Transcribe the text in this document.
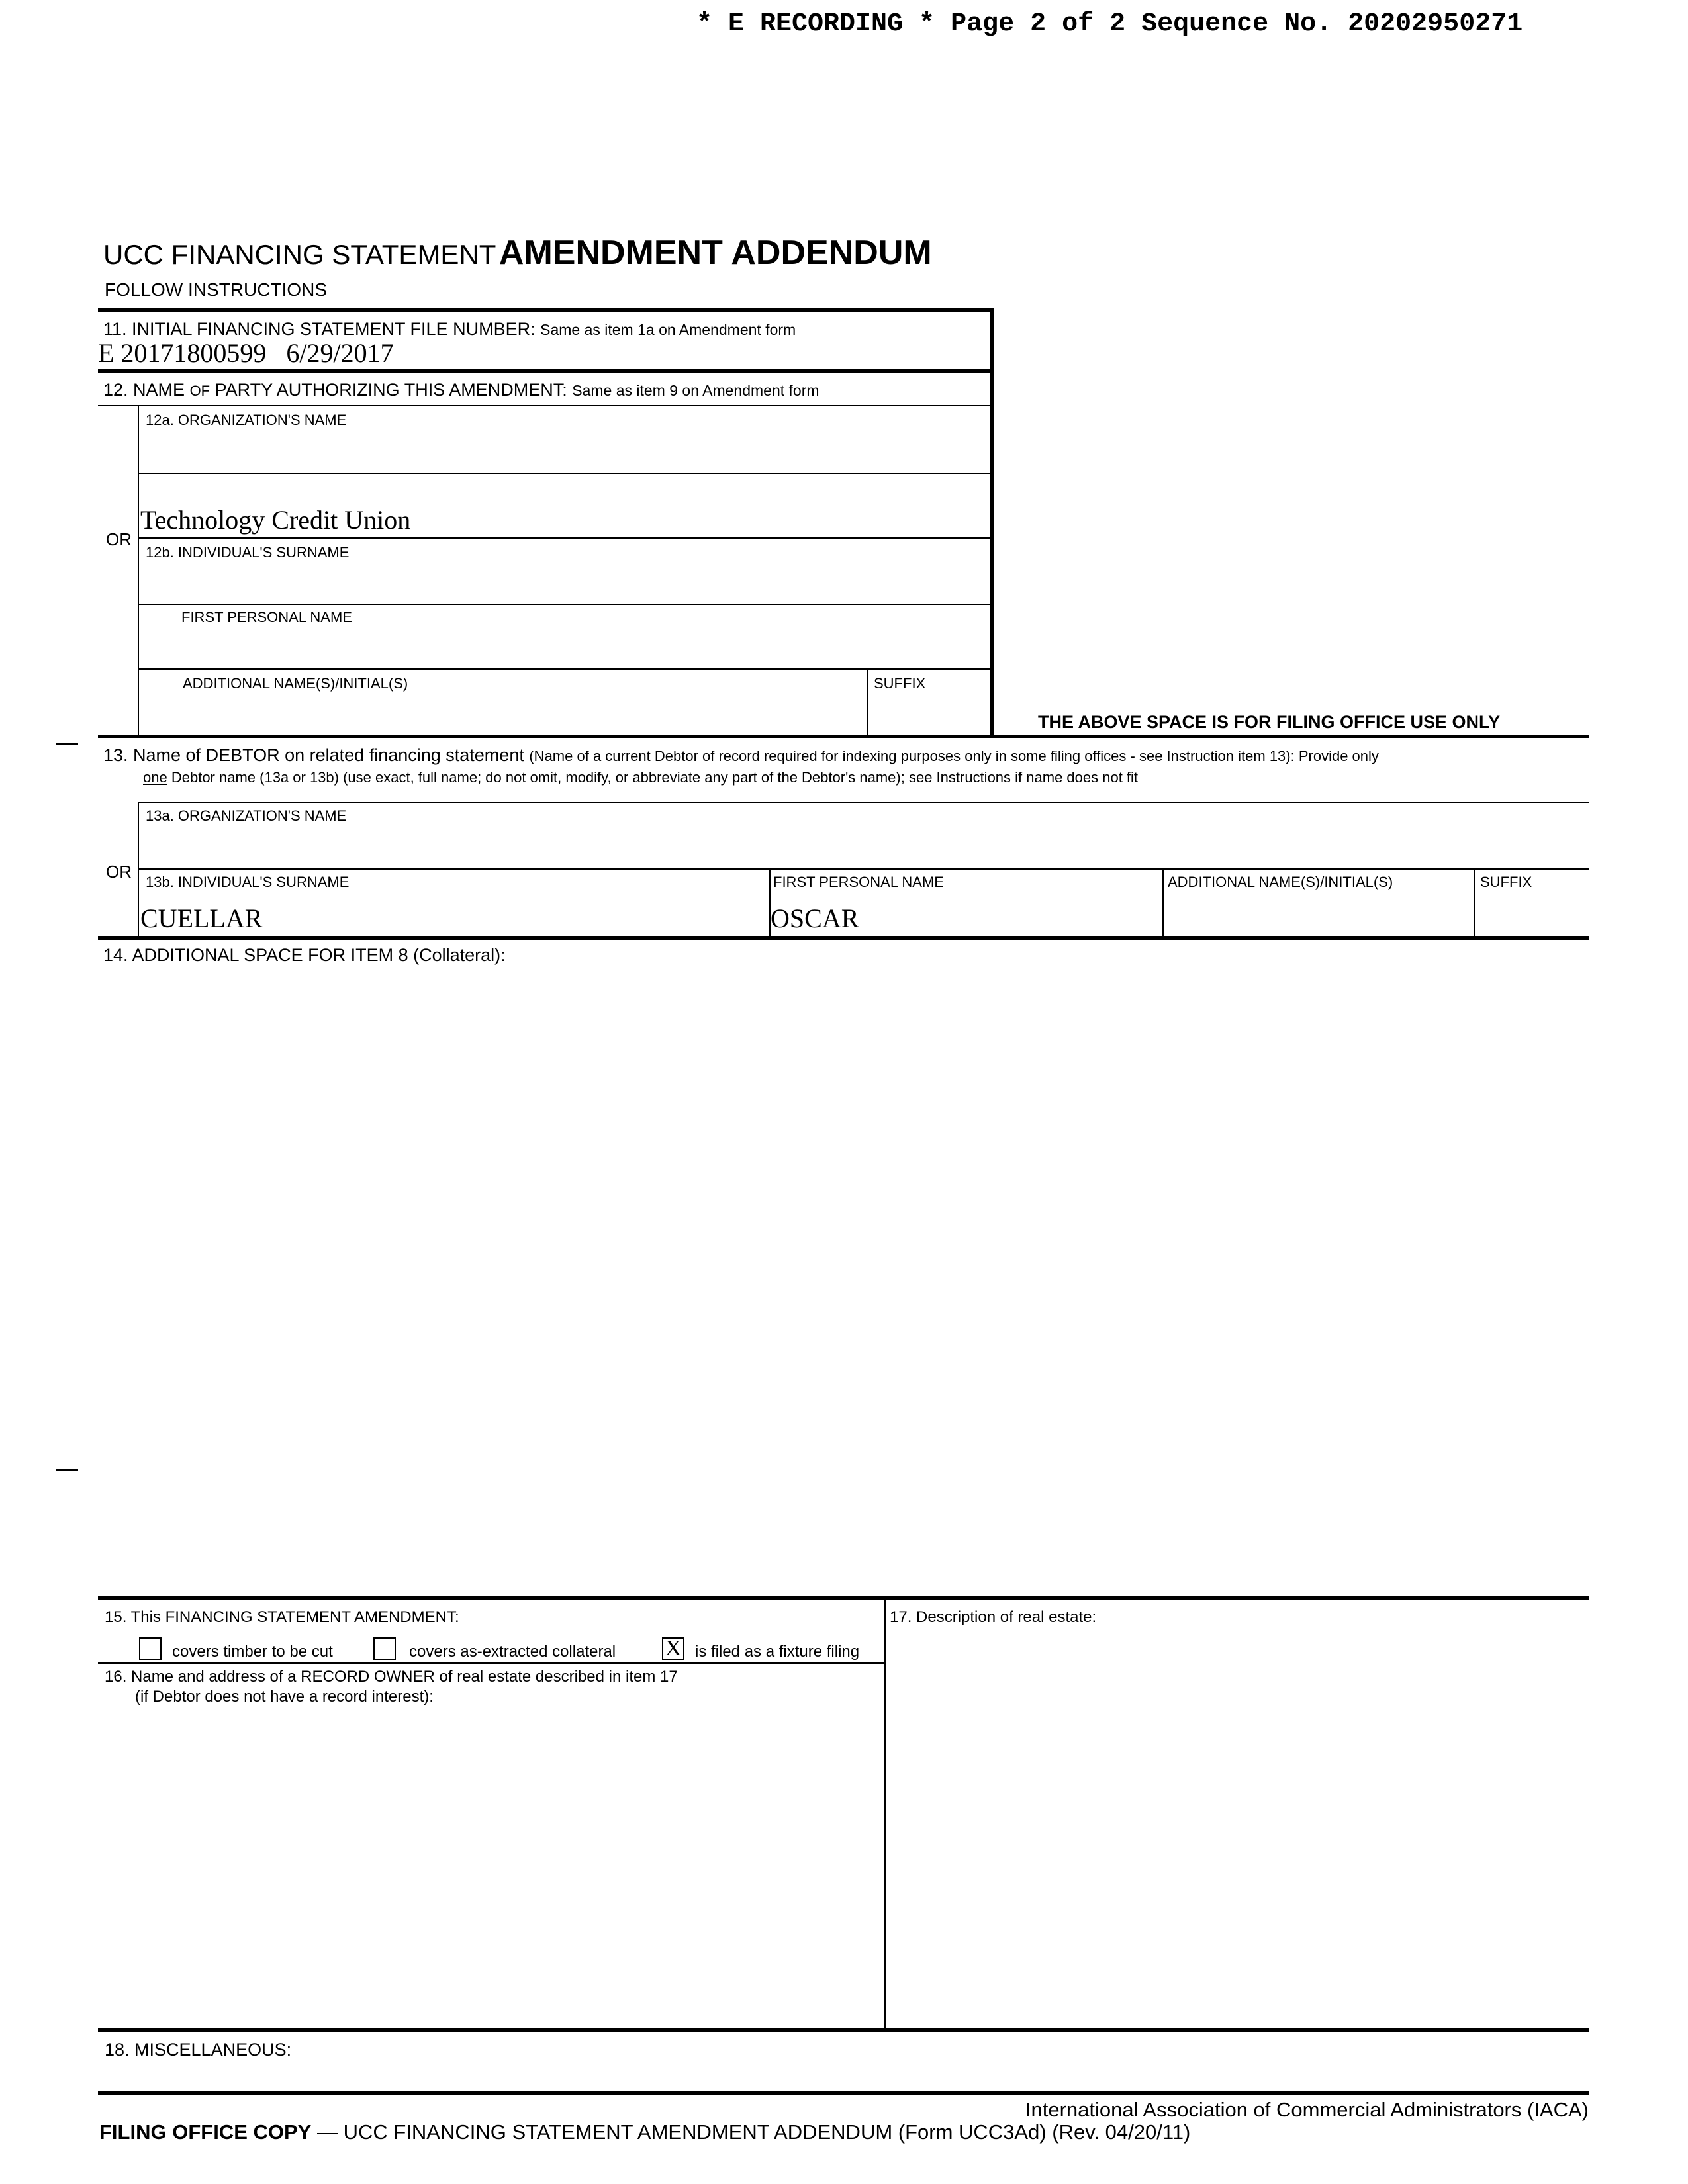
* E RECORDING * Page 2 of 2 Sequence No. 20202950271
UCC FINANCING STATEMENT AMENDMENT ADDENDUM
FOLLOW INSTRUCTIONS
11. INITIAL FINANCING STATEMENT FILE NUMBER: Same as item 1a on Amendment form
E 20171800599   6/29/2017
12. NAME OF PARTY AUTHORIZING THIS AMENDMENT: Same as item 9 on Amendment form
12a. ORGANIZATION'S NAME
Technology Credit Union
OR
12b. INDIVIDUAL'S SURNAME
FIRST PERSONAL NAME
ADDITIONAL NAME(S)/INITIAL(S)	SUFFIX
THE ABOVE SPACE IS FOR FILING OFFICE USE ONLY
13. Name of DEBTOR on related financing statement (Name of a current Debtor of record required for indexing purposes only in some filing offices - see Instruction item 13): Provide only
one Debtor name (13a or 13b) (use exact, full name; do not omit, modify, or abbreviate any part of the Debtor's name); see Instructions if name does not fit
13a. ORGANIZATION'S NAME
OR
13b. INDIVIDUAL'S SURNAME
CUELLAR
FIRST PERSONAL NAME
OSCAR
ADDITIONAL NAME(S)/INITIAL(S)	SUFFIX
14. ADDITIONAL SPACE FOR ITEM 8 (Collateral):
15. This FINANCING STATEMENT AMENDMENT:
covers timber to be cut	covers as-extracted collateral X is filed as a fixture filing
16. Name and address of a RECORD OWNER of real estate described in item 17
(if Debtor does not have a record interest):
17. Description of real estate:
18. MISCELLANEOUS:
International Association of Commercial Administrators (IACA)
FILING OFFICE COPY — UCC FINANCING STATEMENT AMENDMENT ADDENDUM (Form UCC3Ad) (Rev. 04/20/11)
